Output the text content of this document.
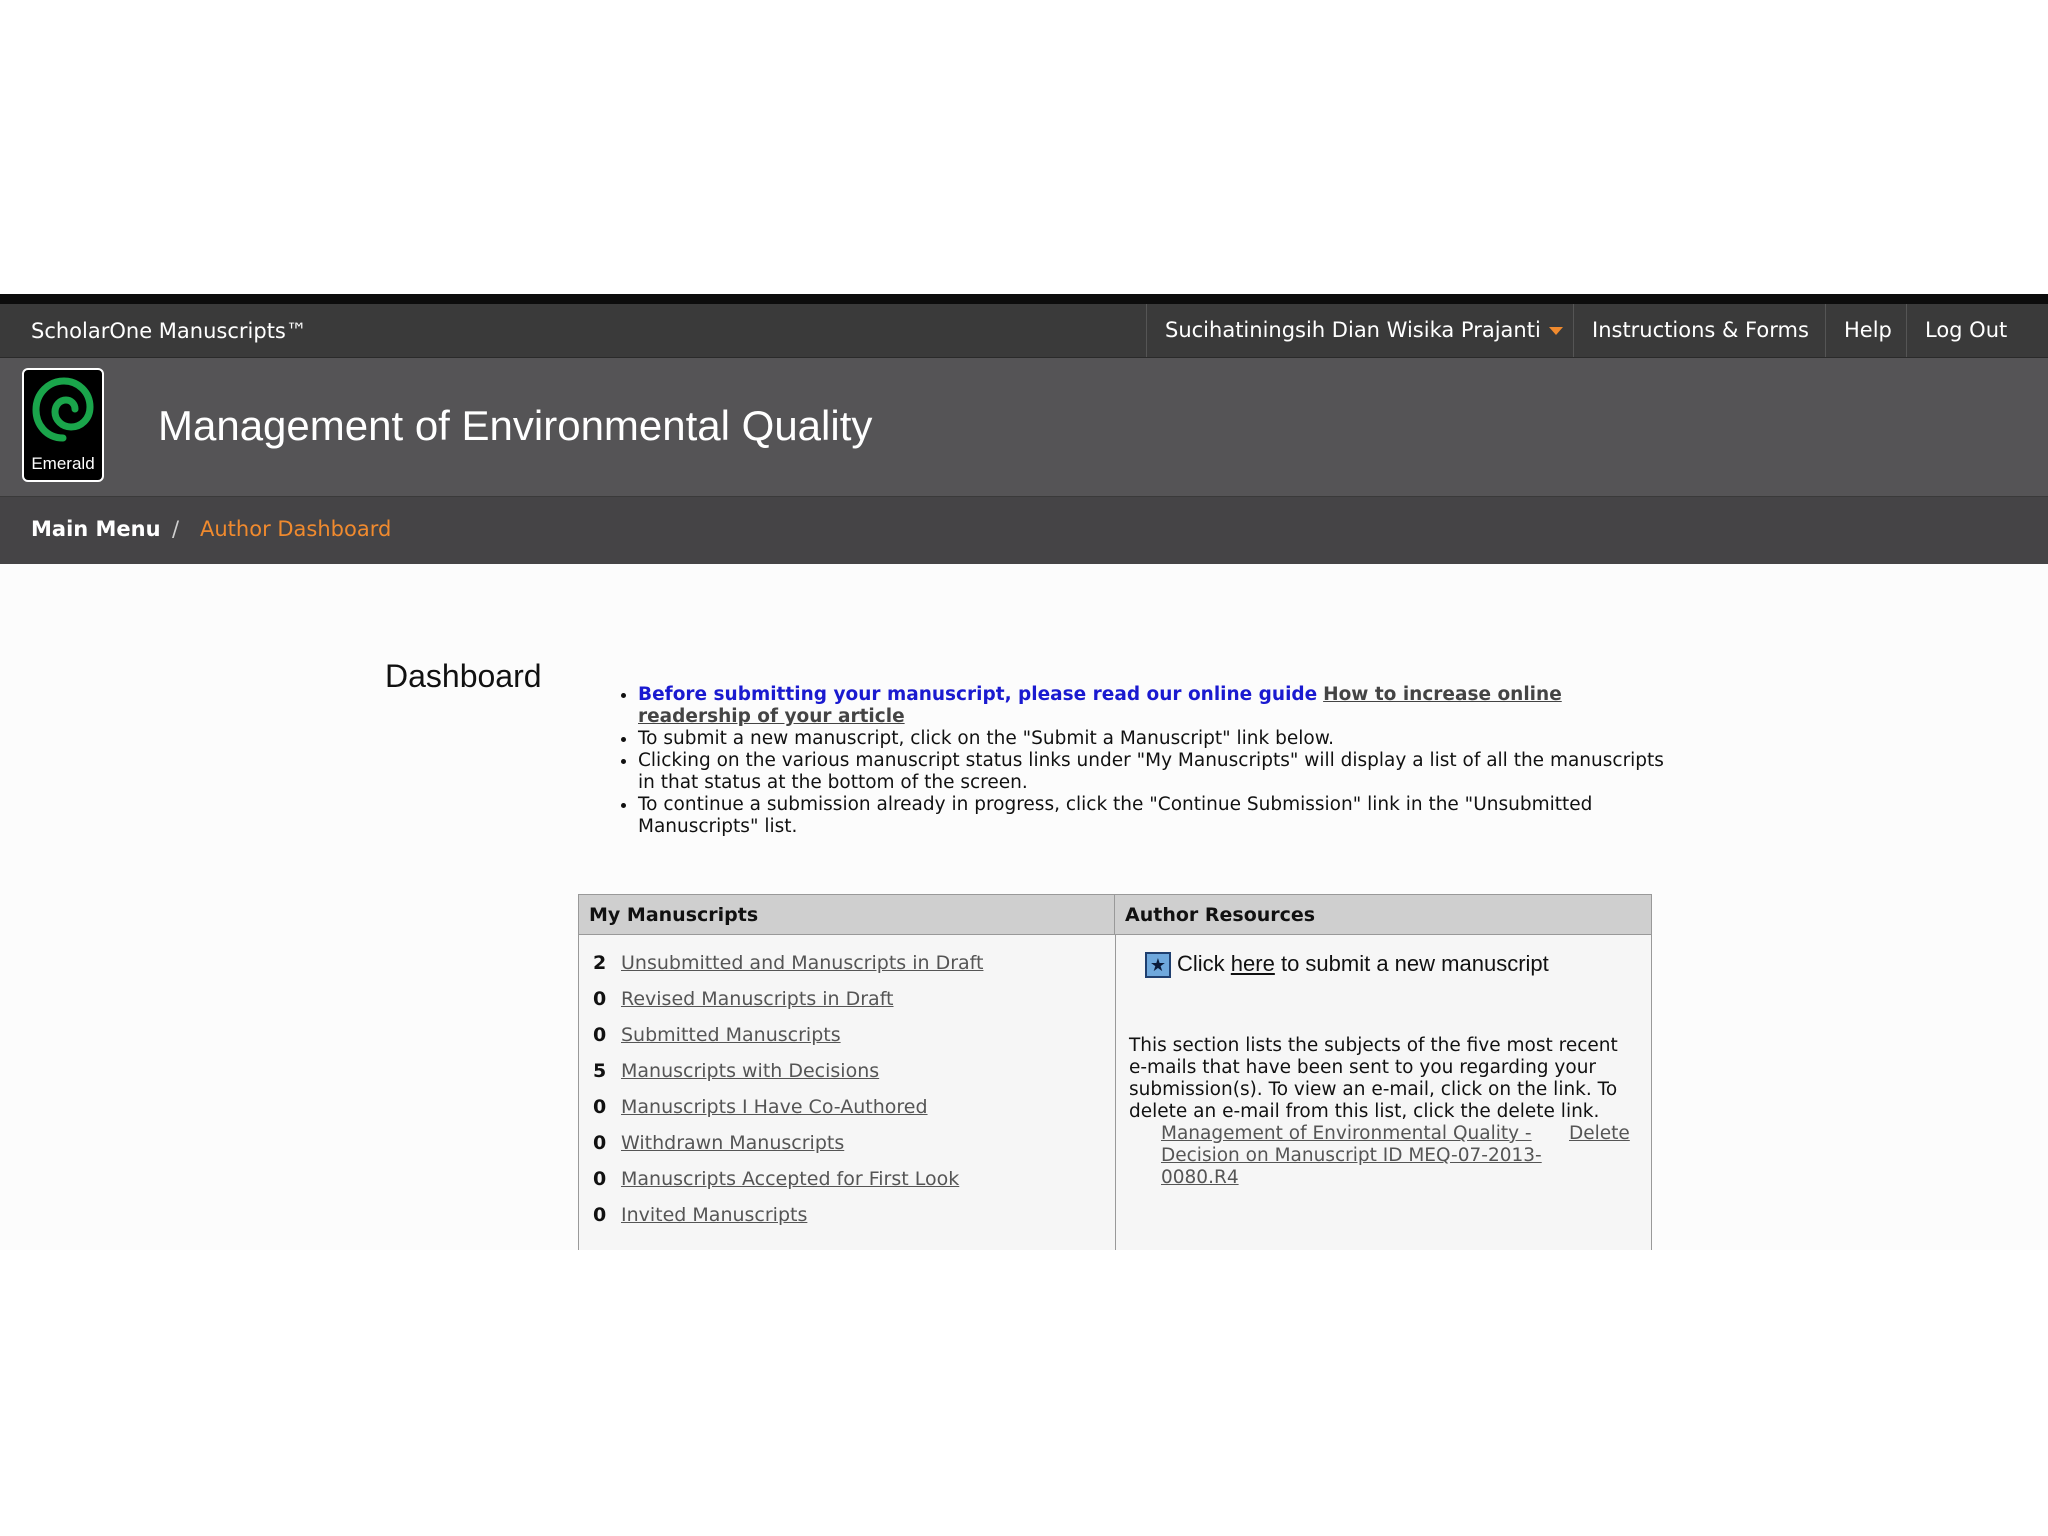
ScholarOne Manuscripts™	Sucihatiningsih Dian Wisika Prajanti	Instructions & Forms	Help	Log Out
Emerald
Management of Environmental Quality
Main Menu / Author Dashboard
Dashboard
• Before submitting your manuscript, please read our online guide How to increase online readership of your article
• To submit a new manuscript, click on the "Submit a Manuscript" link below.
• Clicking on the various manuscript status links under "My Manuscripts" will display a list of all the manuscripts in that status at the bottom of the screen.
• To continue a submission already in progress, click the "Continue Submission" link in the "Unsubmitted Manuscripts" list.
My Manuscripts	Author Resources
2 Unsubmitted and Manuscripts in Draft
0 Revised Manuscripts in Draft
0 Submitted Manuscripts
5 Manuscripts with Decisions
0 Manuscripts I Have Co-Authored
0 Withdrawn Manuscripts
0 Manuscripts Accepted for First Look
0 Invited Manuscripts
★ Click here to submit a new manuscript
This section lists the subjects of the five most recent e-mails that have been sent to you regarding your submission(s). To view an e-mail, click on the link. To delete an e-mail from this list, click the delete link.
Management of Environmental Quality - Decision on Manuscript ID MEQ-07-2013-0080.R4
Delete
